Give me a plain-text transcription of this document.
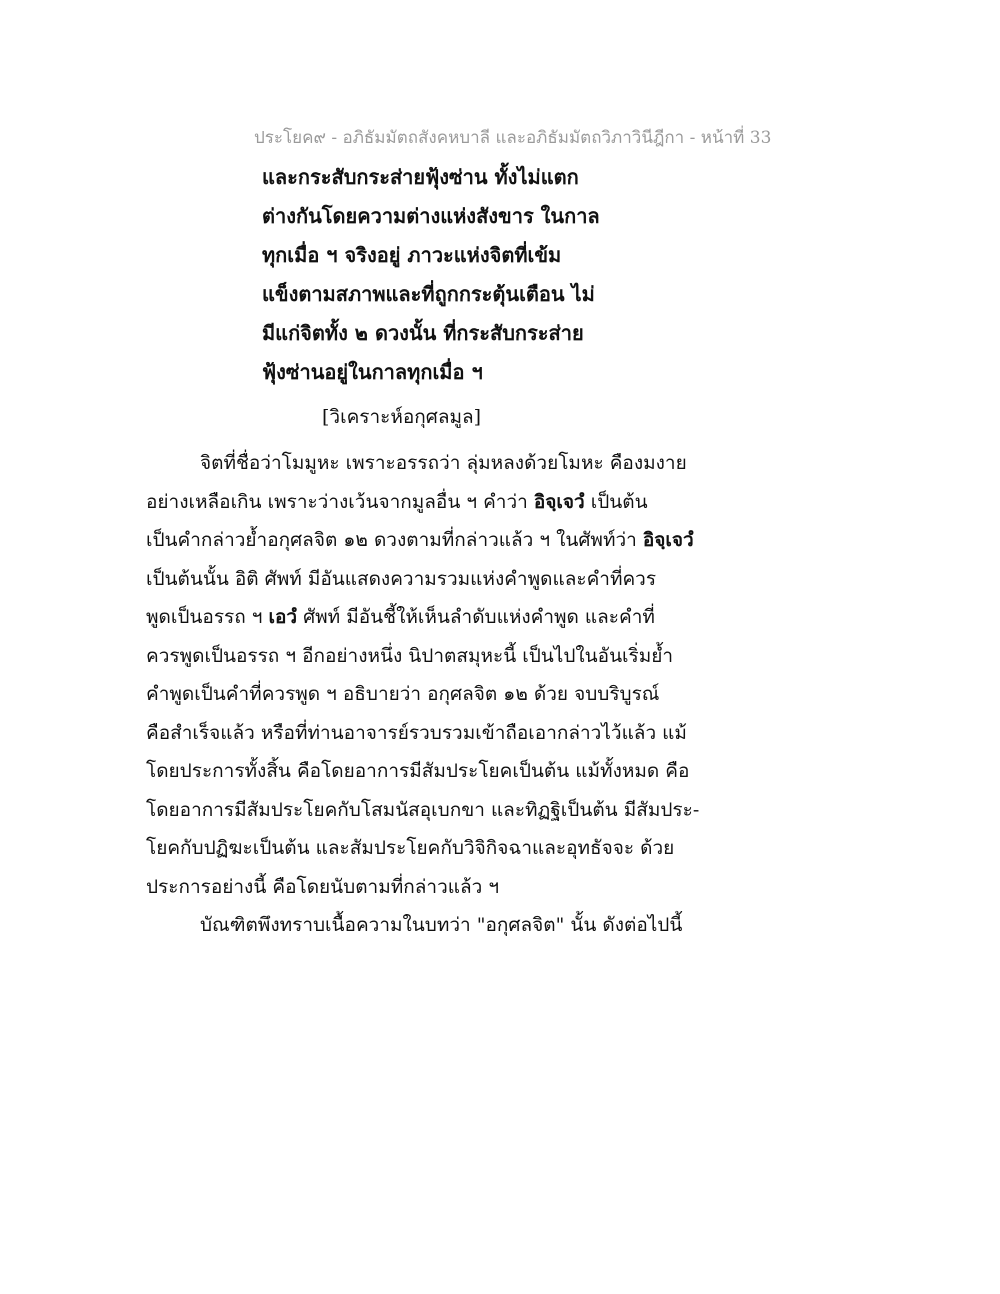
ประโยค๙ - อภิธัมมัตถสังคหบาลี และอภิธัมมัตถวิภาวินีฎีกา - หน้าที่ 33
และกระสับกระส่ายฟุ้งซ่าน ทั้งไม่แตก
ต่างกันโดยความต่างแห่งสังขาร ในกาล
ทุกเมื่อ ฯ จริงอยู่ ภาวะแห่งจิตที่เข้ม
แข็งตามสภาพและที่ถูกกระตุ้นเตือน ไม่
มีแก่จิตทั้ง ๒ ดวงนั้น ที่กระสับกระส่าย
ฟุ้งซ่านอยู่ในกาลทุกเมื่อ ฯ
[วิเคราะห์อกุศลมูล]
จิตที่ชื่อว่าโมมูหะ เพราะอรรถว่า ลุ่มหลงด้วยโมหะ คืองมงาย
อย่างเหลือเกิน เพราะว่างเว้นจากมูลอื่น ฯ คำว่า อิจฺเจวํ เป็นต้น
เป็นคำกล่าวย้ำอกุศลจิต ๑๒ ดวงตามที่กล่าวแล้ว ฯ ในศัพท์ว่า อิจฺเจวํ
เป็นต้นนั้น อิติ ศัพท์ มีอันแสดงความรวมแห่งคำพูดและคำที่ควร
พูดเป็นอรรถ ฯ เอวํ ศัพท์ มีอันชี้ให้เห็นลำดับแห่งคำพูด และคำที่
ควรพูดเป็นอรรถ ฯ อีกอย่างหนึ่ง นิปาตสมุหะนี้ เป็นไปในอันเริ่มย้ำ
คำพูดเป็นคำที่ควรพูด ฯ อธิบายว่า อกุศลจิต ๑๒ ด้วย จบบริบูรณ์
คือสำเร็จแล้ว หรือที่ท่านอาจารย์รวบรวมเข้าถือเอากล่าวไว้แล้ว แม้
โดยประการทั้งสิ้น คือโดยอาการมีสัมประโยคเป็นต้น แม้ทั้งหมด คือ
โดยอาการมีสัมประโยคกับโสมนัสอุเบกขา และทิฏฐิเป็นต้น มีสัมประ-
โยคกับปฏิฆะเป็นต้น และสัมประโยคกับวิจิกิจฉาและอุทธัจจะ ด้วย
ประการอย่างนี้ คือโดยนับตามที่กล่าวแล้ว ฯ
บัณฑิตพึงทราบเนื้อความในบทว่า "อกุศลจิต" นั้น ดังต่อไปนี้
